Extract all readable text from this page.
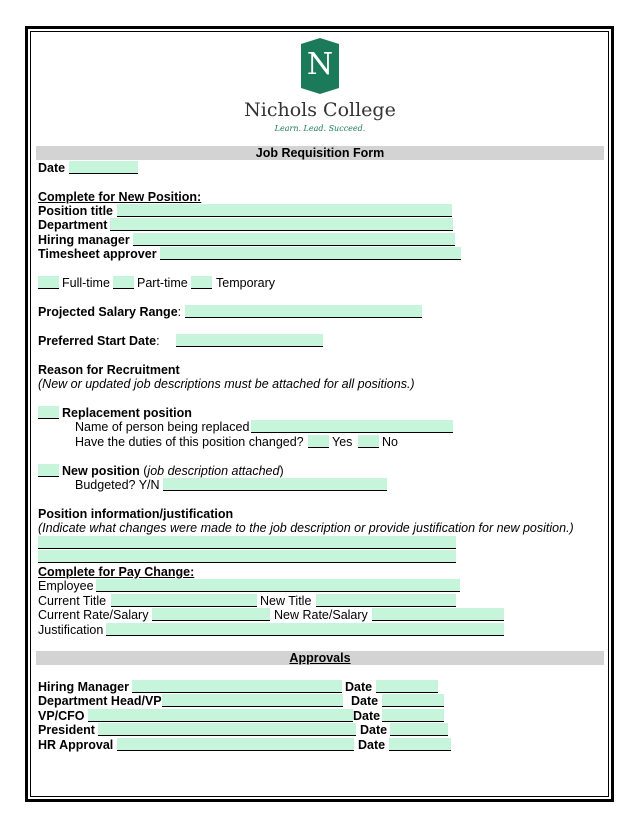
N
Nichols College
Learn. Lead. Succeed.
Job Requisition Form
Date
Complete for New Position:
Position title
Department
Hiring manager
Timesheet approver
Full-time Part-time Temporary
Projected Salary Range:
Preferred Start Date:
Reason for Recruitment
(New or updated job descriptions must be attached for all positions.)
Replacement position
Name of person being replaced
Have the duties of this position changed? Yes No
New position (job description attached)
Budgeted? Y/N
Position information/justification
(Indicate what changes were made to the job description or provide justification for new position.)
Complete for Pay Change:
Employee
Current Title	New Title
Current Rate/Salary	New Rate/Salary
Justification
Approvals
Hiring Manager	Date
Department Head/VP	Date
VP/CFO	Date
President	Date
HR Approval	Date
